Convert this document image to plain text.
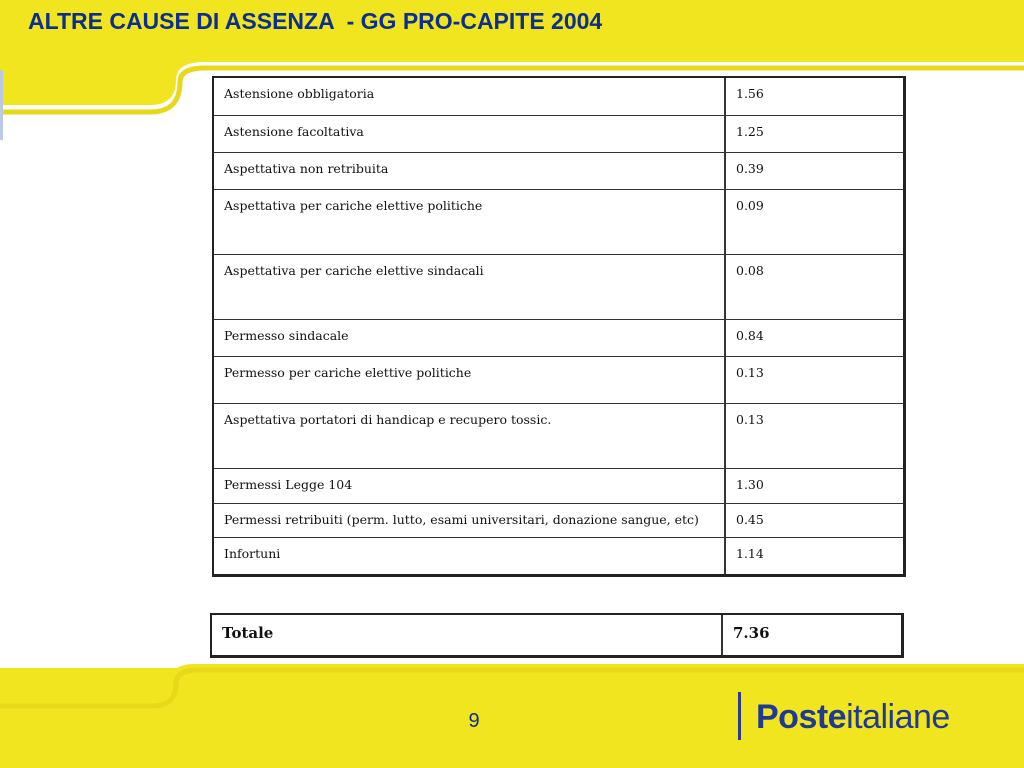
ALTRE CAUSE DI ASSENZA  - GG PRO-CAPITE 2004
Astensione obbligatoria	1.56
Astensione facoltativa	1.25
Aspettativa non retribuita	0.39
Aspettativa per cariche elettive politiche	0.09
Aspettativa per cariche elettive sindacali	0.08
Permesso sindacale	0.84
Permesso per cariche elettive politiche	0.13
Aspettativa portatori di handicap e recupero tossic.	0.13
Permessi Legge 104	1.30
Permessi retribuiti (perm. lutto, esami universitari, donazione sangue, etc)	0.45
Infortuni	1.14
Totale	7.36
9	Posteitaliane
